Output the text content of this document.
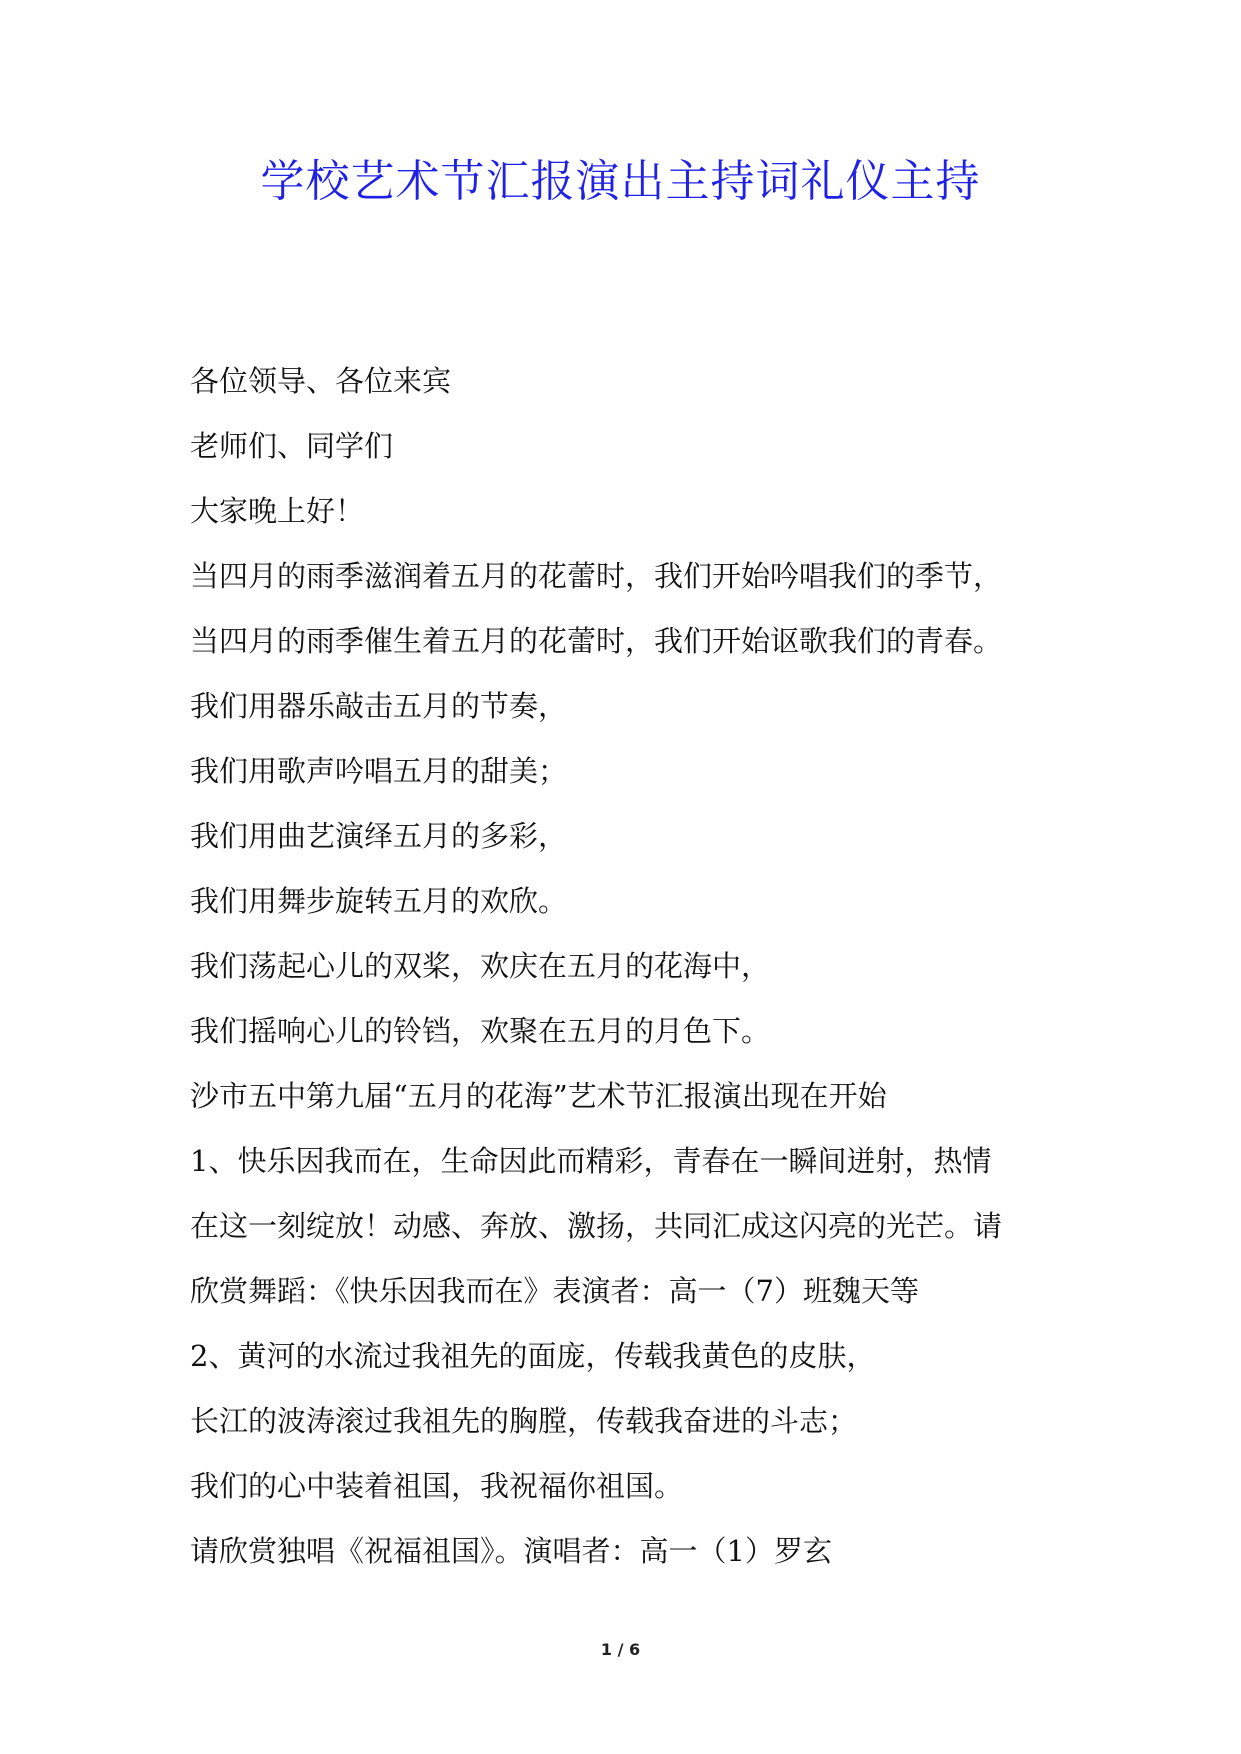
学校艺术节汇报演出主持词礼仪主持
各位领导、各位来宾
老师们、同学们
大家晚上好！
当四月的雨季滋润着五月的花蕾时，我们开始吟唱我们的季节，
当四月的雨季催生着五月的花蕾时，我们开始讴歌我们的青春。
我们用器乐敲击五月的节奏，
我们用歌声吟唱五月的甜美；
我们用曲艺演绎五月的多彩，
我们用舞步旋转五月的欢欣。
我们荡起心儿的双桨，欢庆在五月的花海中，
我们摇响心儿的铃铛，欢聚在五月的月色下。
沙市五中第九届“五月的花海”艺术节汇报演出现在开始
1、快乐因我而在，生命因此而精彩，青春在一瞬间迸射，热情
在这一刻绽放！动感、奔放、激扬，共同汇成这闪亮的光芒。请
欣赏舞蹈：《快乐因我而在》表演者：高一（7）班魏天等
2、黄河的水流过我祖先的面庞，传载我黄色的皮肤，
长江的波涛滚过我祖先的胸膛，传载我奋进的斗志；
我们的心中装着祖国，我祝福你祖国。
请欣赏独唱《祝福祖国》。演唱者：高一（1）罗玄
1 / 6
